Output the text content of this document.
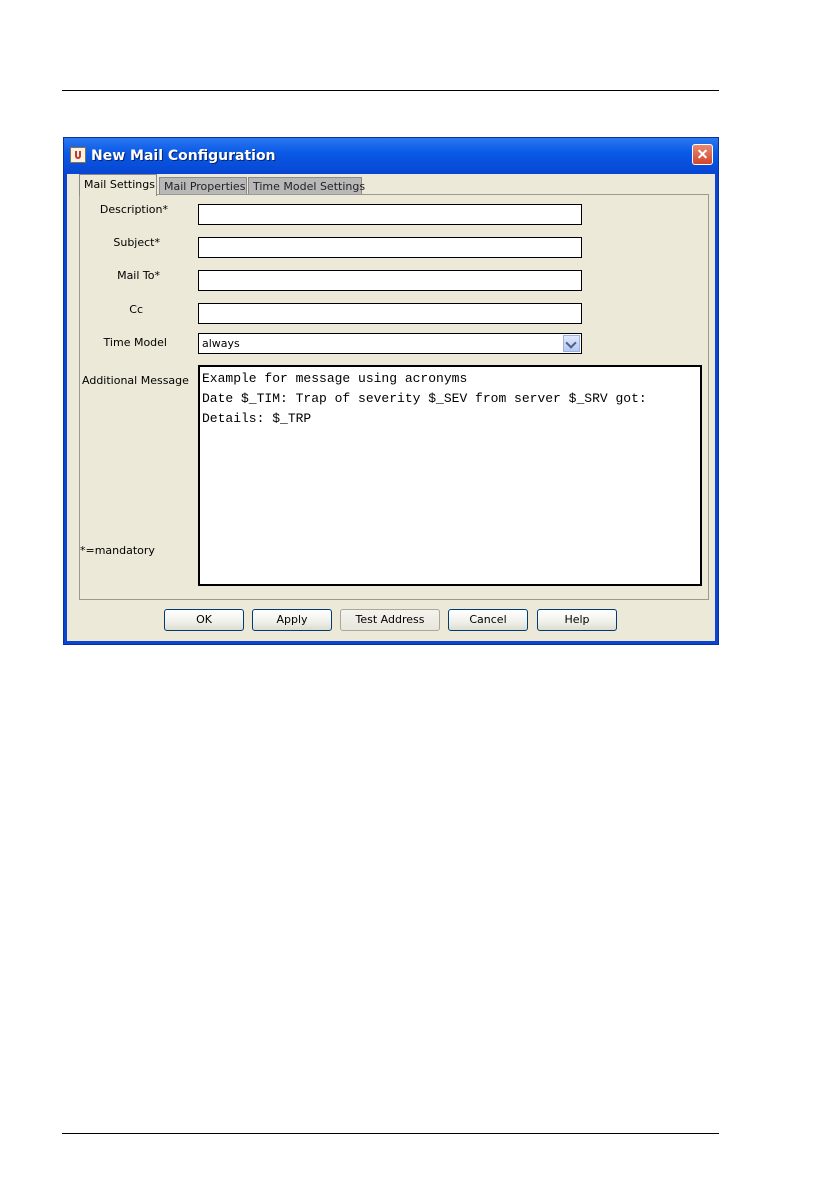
New Mail Configuration
Mail Settings Mail Properties Time Model Settings
Description*
Subject*
Mail To*
Cc
Time Model	always
Additional Message	Example for message using acronyms
Date $_TIM: Trap of severity $_SEV from server $_SRV got:
Details: $_TRP
*=mandatory
OK	Apply	Test Address	Cancel	Help
